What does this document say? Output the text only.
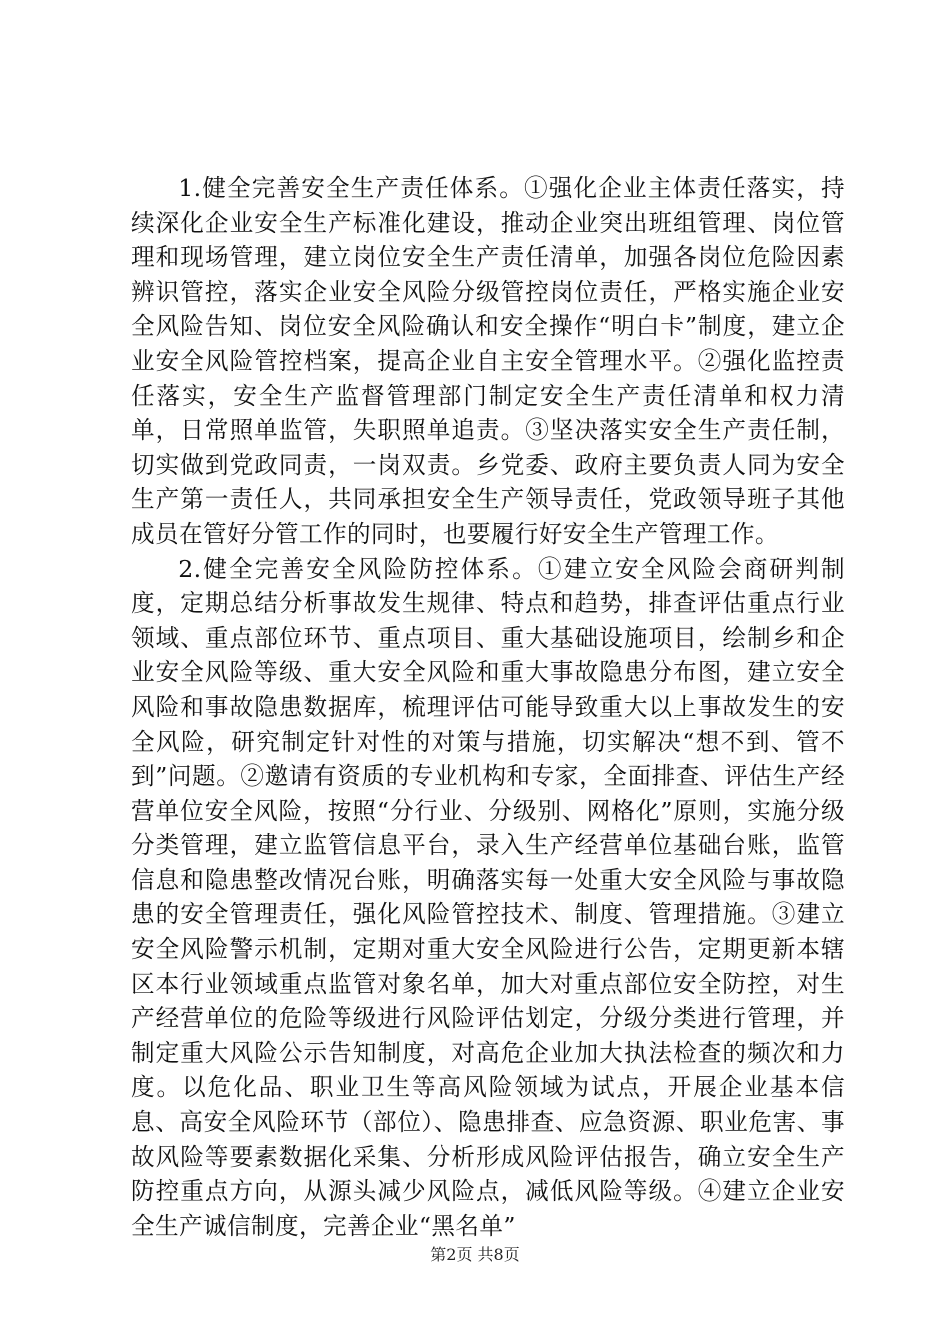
1.健全完善安全生产责任体系。①强化企业主体责任落实，持续深化企业安全生产标准化建设，推动企业突出班组管理、岗位管理和现场管理，建立岗位安全生产责任清单，加强各岗位危险因素辨识管控，落实企业安全风险分级管控岗位责任，严格实施企业安全风险告知、岗位安全风险确认和安全操作“明白卡”制度，建立企业安全风险管控档案，提高企业自主安全管理水平。②强化监控责任落实，安全生产监督管理部门制定安全生产责任清单和权力清单，日常照单监管，失职照单追责。③坚决落实安全生产责任制，切实做到党政同责，一岗双责。乡党委、政府主要负责人同为安全生产第一责任人，共同承担安全生产领导责任，党政领导班子其他成员在管好分管工作的同时，也要履行好安全生产管理工作。

2.健全完善安全风险防控体系。①建立安全风险会商研判制度，定期总结分析事故发生规律、特点和趋势，排查评估重点行业领域、重点部位环节、重点项目、重大基础设施项目，绘制乡和企业安全风险等级、重大安全风险和重大事故隐患分布图，建立安全风险和事故隐患数据库，梳理评估可能导致重大以上事故发生的安全风险，研究制定针对性的对策与措施，切实解决“想不到、管不到”问题。②邀请有资质的专业机构和专家，全面排查、评估生产经营单位安全风险，按照“分行业、分级别、网格化”原则，实施分级分类管理，建立监管信息平台，录入生产经营单位基础台账，监管信息和隐患整改情况台账，明确落实每一处重大安全风险与事故隐患的安全管理责任，强化风险管控技术、制度、管理措施。③建立安全风险警示机制，定期对重大安全风险进行公告，定期更新本辖区本行业领域重点监管对象名单，加大对重点部位安全防控，对生产经营单位的危险等级进行风险评估划定，分级分类进行管理，并制定重大风险公示告知制度，对高危企业加大执法检查的频次和力度。以危化品、职业卫生等高风险领域为试点，开展企业基本信息、高安全风险环节（部位）、隐患排查、应急资源、职业危害、事故风险等要素数据化采集、分析形成风险评估报告，确立安全生产防控重点方向，从源头减少风险点，减低风险等级。④建立企业安全生产诚信制度，完善企业“黑名单”

第2页 共8页
